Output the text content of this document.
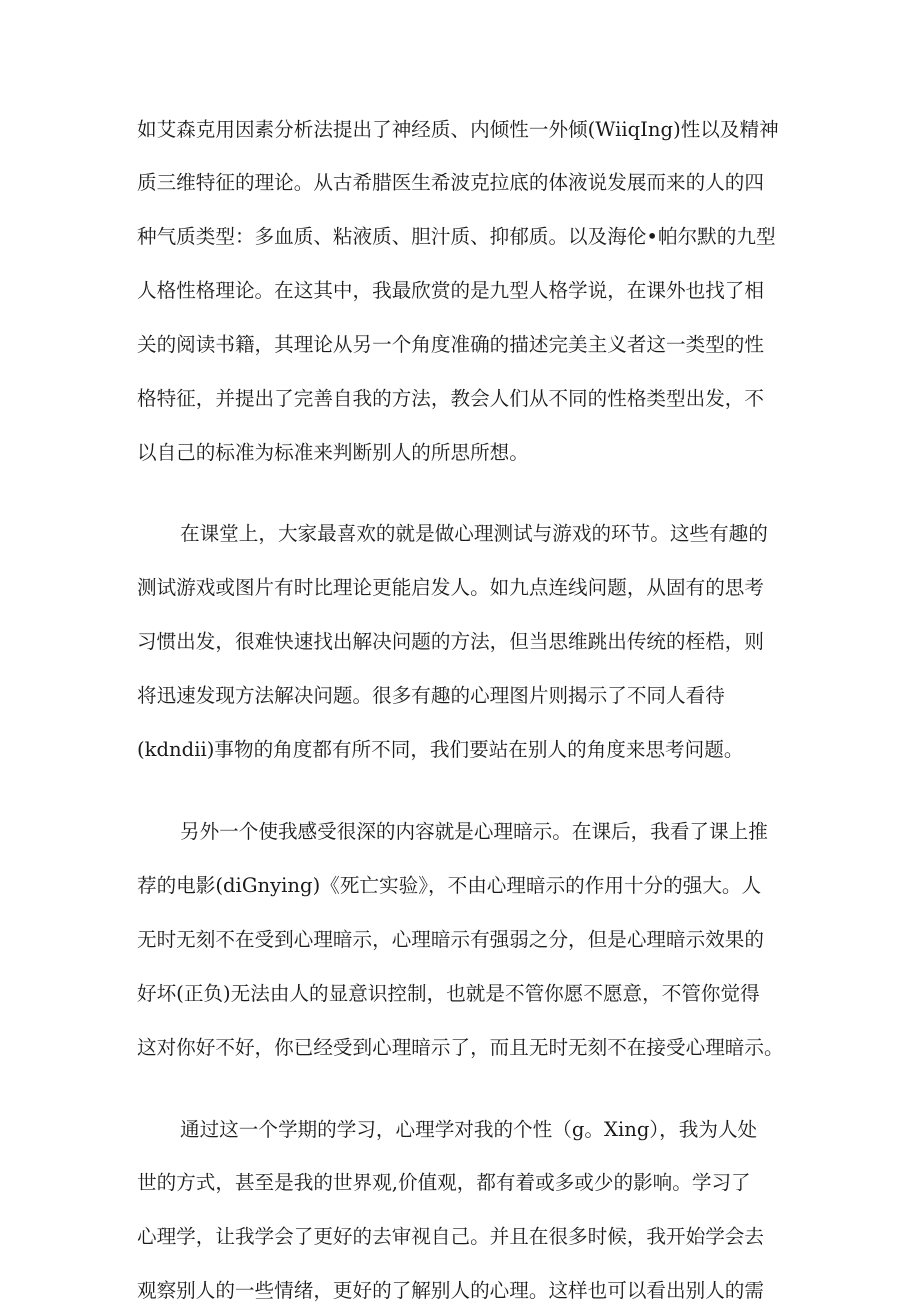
如艾森克用因素分析法提出了神经质、内倾性一外倾(WiiqIng)性以及精神
质三维特征的理论。从古希腊医生希波克拉底的体液说发展而来的人的四
种气质类型：多血质、粘液质、胆汁质、抑郁质。以及海伦•帕尔默的九型
人格性格理论。在这其中，我最欣赏的是九型人格学说，在课外也找了相
关的阅读书籍，其理论从另一个角度准确的描述完美主义者这一类型的性
格特征，并提出了完善自我的方法，教会人们从不同的性格类型出发，不
以自己的标准为标准来判断别人的所思所想。
在课堂上，大家最喜欢的就是做心理测试与游戏的环节。这些有趣的
测试游戏或图片有时比理论更能启发人。如九点连线问题，从固有的思考
习惯出发，很难快速找出解决问题的方法，但当思维跳出传统的桎梏，则
将迅速发现方法解决问题。很多有趣的心理图片则揭示了不同人看待
(kdndii)事物的角度都有所不同，我们要站在别人的角度来思考问题。
另外一个使我感受很深的内容就是心理暗示。在课后，我看了课上推
荐的电影(diGnying)《死亡实验》，不由心理暗示的作用十分的强大。人
无时无刻不在受到心理暗示，心理暗示有强弱之分，但是心理暗示效果的
好坏(正负)无法由人的显意识控制，也就是不管你愿不愿意，不管你觉得
这对你好不好，你已经受到心理暗示了，而且无时无刻不在接受心理暗示。
通过这一个学期的学习，心理学对我的个性（g。Xing），我为人处
世的方式，甚至是我的世界观,价值观，都有着或多或少的影响。学习了
心理学，让我学会了更好的去审视自己。并且在很多时候，我开始学会去
观察别人的一些情绪，更好的了解别人的心理。这样也可以看出别人的需
